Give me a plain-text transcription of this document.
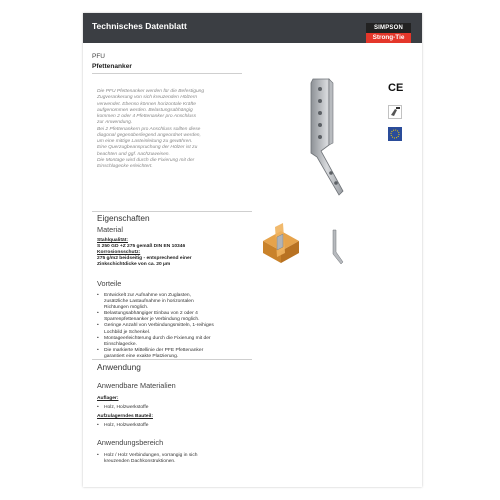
Technisches Datenblatt	SIMPSON
Strong-Tie
PFU
Pfettenanker

Die PFU Pfettenanker werden für die Befestigung

Zugverankerung von sich kreuzenden Hölzern

verwendet. Ebenso können horizontale Kräfte

aufgenommen werden. Belastungsabhängig

kommen 2 oder 4 Pfettenanker pro Anschluss

zur Anwendung.

Bei 2 Pfettenankern pro Anschluss sollten diese

diagonal gegenüberliegend angeordnet werden,

um eine mittige Lasteinleitung zu gewähren.

Eine Querzugbeanspruchung der Hölzer ist zu

beachten und ggf. nachzuweisen.

Die Montage wird durch die Fixierung mit der

Einschlagecke erleichtert.

CE
Eigenschaften
Material
Stahlqualität:
S 250 GD +Z 275 gemäß DIN EN 10346
Korrosionsschutz:
275 g/m2 beidseitig - entsprechend einer
Zinkschichtdicke von ca. 20 µm
Vorteile
• Entwickelt zur Aufnahme von Zuglasten,
zusätzliche Lastaufnahme in horizontalen
Richtungen möglich.
• Belastungsabhängiger Einbau von 2 oder 4
Sparrenpfettenanker je Verbindung möglich.
• Geringe Anzahl von Verbindungsmitteln, 1-reihiges
Lochbild je Schenkel.
• Montageerleichterung durch die Fixierung mit der
Einschlagecke.
• Die markierte Mittellinie der PFE Pfettenanker
garantiert eine exakte Platzierung.
Anwendung
Anwendbare Materialien
Auflager:
• Holz, Holzwerkstoffe
Aufzulagerndes Bauteil:
• Holz, Holzwerkstoffe
Anwendungsbereich
• Holz / Holz Verbindungen, vorrangig in sich
kreuzenden Dachkonstruktionen.
